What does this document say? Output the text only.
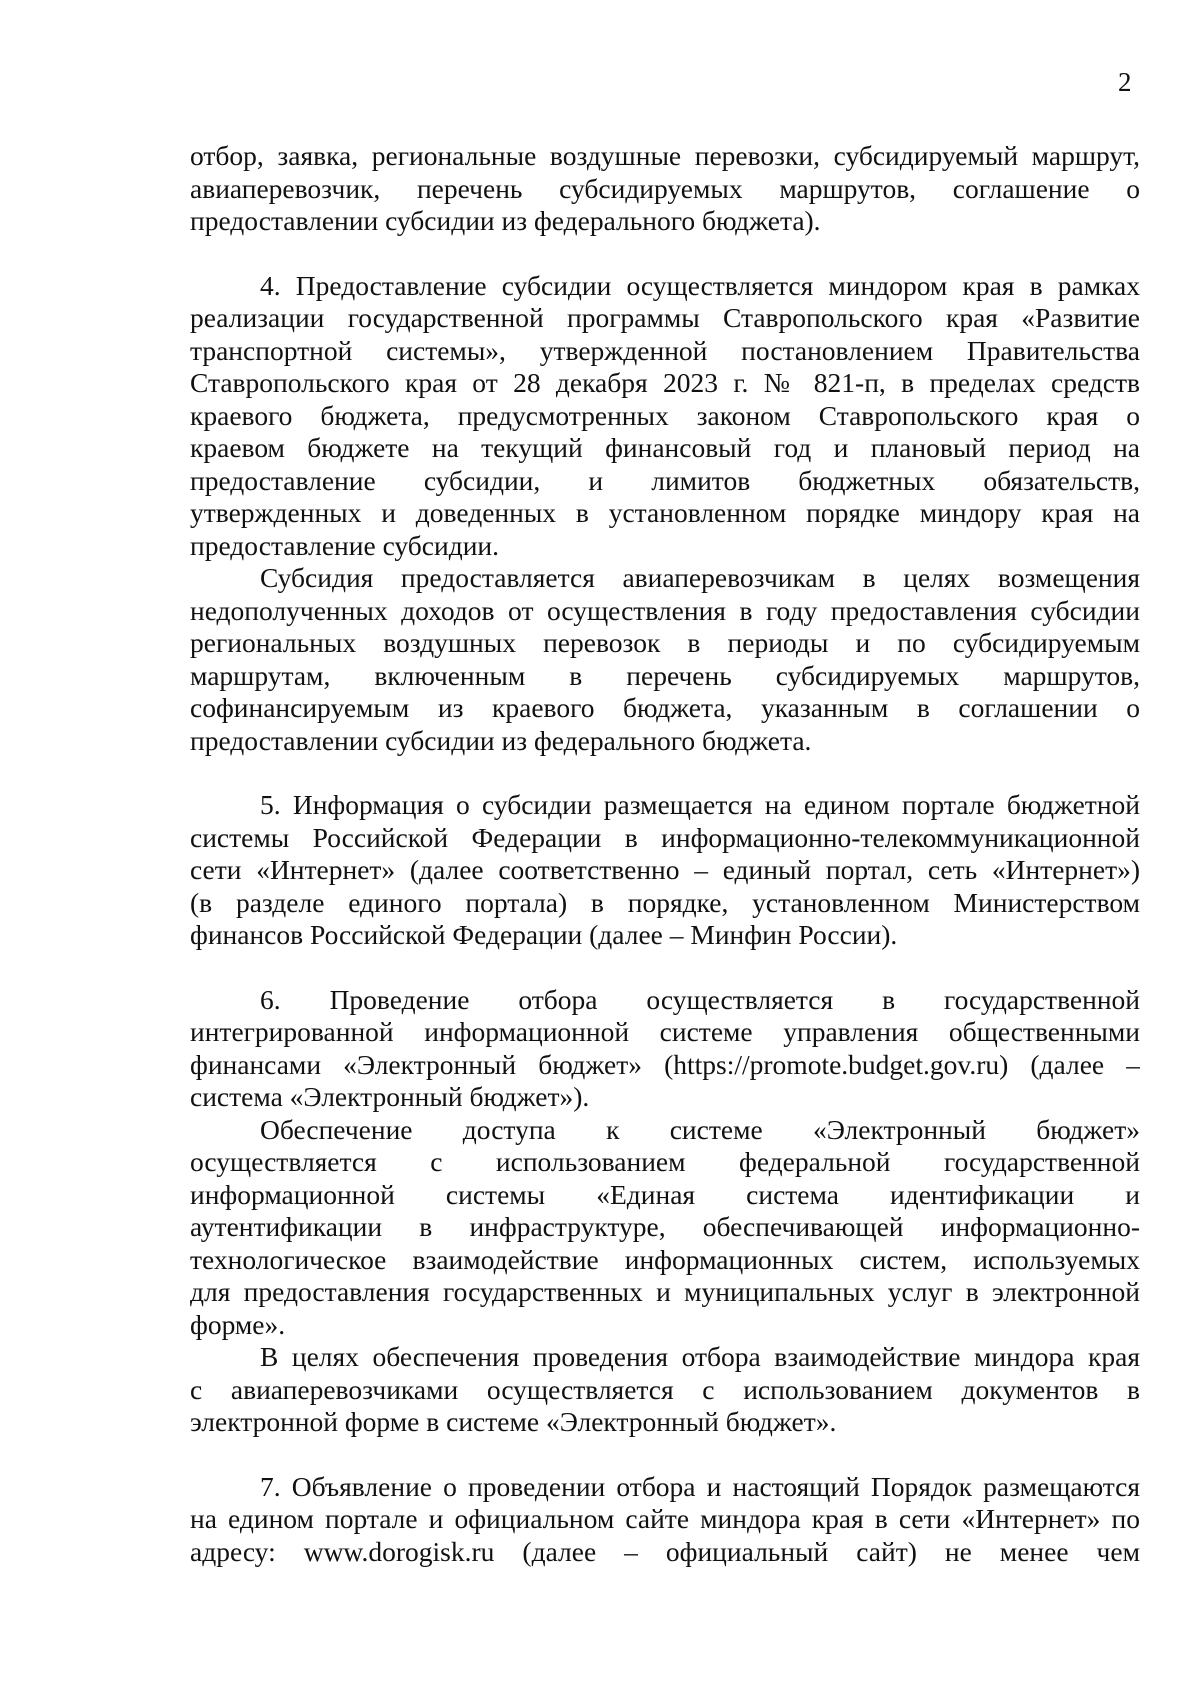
2
отбор, заявка, региональные воздушные перевозки, субсидируемый маршрут,
авиаперевозчик, перечень субсидируемых маршрутов, соглашение о
предоставлении субсидии из федерального бюджета).
4. Предоставление субсидии осуществляется миндором края в рамках
реализации государственной программы Ставропольского края «Развитие
транспортной системы», утвержденной постановлением Правительства
Ставропольского края от 28 декабря 2023 г. № 821-п, в пределах средств
краевого бюджета, предусмотренных законом Ставропольского края о
краевом бюджете на текущий финансовый год и плановый период на
предоставление субсидии, и лимитов бюджетных обязательств,
утвержденных и доведенных в установленном порядке миндору края на
предоставление субсидии.
Субсидия предоставляется авиаперевозчикам в целях возмещения
недополученных доходов от осуществления в году предоставления субсидии
региональных воздушных перевозок в периоды и по субсидируемым
маршрутам, включенным в перечень субсидируемых маршрутов,
софинансируемым из краевого бюджета, указанным в соглашении о
предоставлении субсидии из федерального бюджета.
5. Информация о субсидии размещается на едином портале бюджетной
системы Российской Федерации в информационно-телекоммуникационной
сети «Интернет» (далее соответственно – единый портал, сеть «Интернет»)
(в разделе единого портала) в порядке, установленном Министерством
финансов Российской Федерации (далее – Минфин России).
6. Проведение отбора осуществляется в государственной
интегрированной информационной системе управления общественными
финансами «Электронный бюджет» (https://promote.budget.gov.ru) (далее –
система «Электронный бюджет»).
Обеспечение доступа к системе «Электронный бюджет»
осуществляется с использованием федеральной государственной
информационной системы «Единая система идентификации и
аутентификации в инфраструктуре, обеспечивающей информационно-
технологическое взаимодействие информационных систем, используемых
для предоставления государственных и муниципальных услуг в электронной
форме».
В целях обеспечения проведения отбора взаимодействие миндора края
с авиаперевозчиками осуществляется с использованием документов в
электронной форме в системе «Электронный бюджет».
7. Объявление о проведении отбора и настоящий Порядок размещаются
на едином портале и официальном сайте миндора края в сети «Интернет» по
адресу: www.dorogisk.ru (далее – официальный сайт) не менее чем
